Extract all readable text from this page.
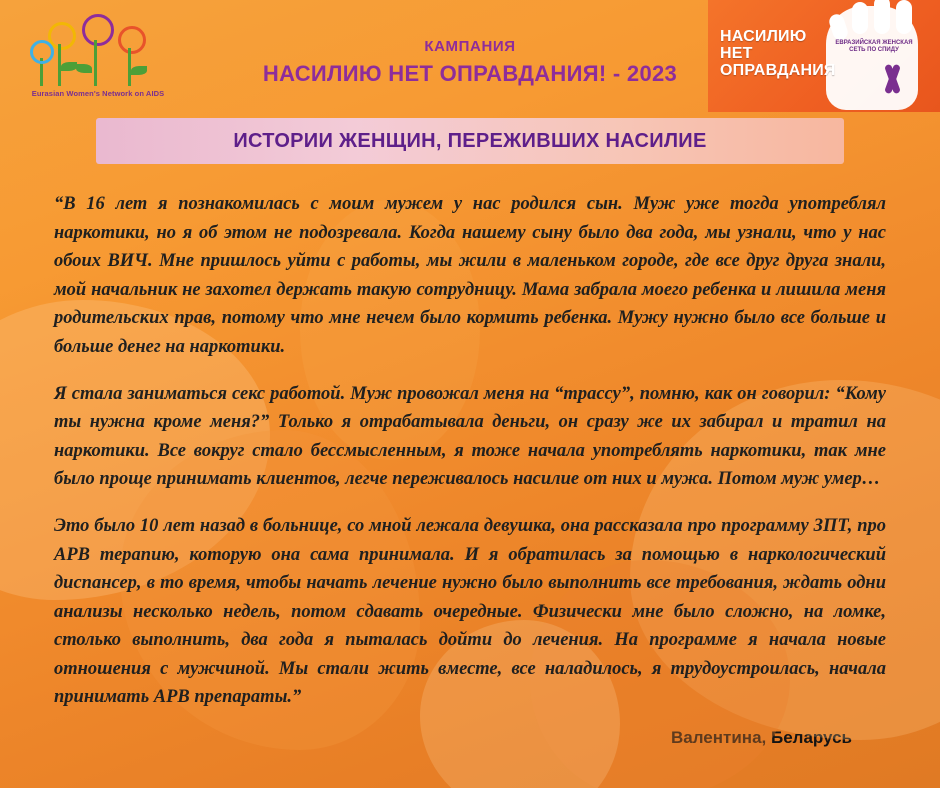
Eurasian Women's Network on AIDS
КАМПАНИЯ
НАСИЛИЮ НЕТ ОПРАВДАНИЯ! - 2023
ЕВРАЗИЙСКАЯ ЖЕНСКАЯ СЕТЬ ПО СПИДУ
НАСИЛИЮ
НЕТ
ОПРАВДАНИЯ
ИСТОРИИ ЖЕНЩИН, ПЕРЕЖИВШИХ НАСИЛИЕ

“В 16 лет я познакомилась с моим мужем у нас родился сын. Муж уже тогда употреблял наркотики, но я об этом не подозревала. Когда нашему сыну было два года, мы узнали, что у нас обоих ВИЧ. Мне пришлось уйти с работы, мы жили в маленьком городе, где все друг друга знали, мой начальник не захотел держать такую сотрудницу. Мама забрала моего ребенка и лишила меня родительских прав, потому что мне нечем было кормить ребенка. Мужу нужно было все больше и больше денег на наркотики.

Я стала заниматься секс работой. Муж провожал меня на “трассу”, помню, как он говорил: “Кому ты нужна кроме меня?” Только я отрабатывала деньги, он сразу же их забирал и тратил на наркотики. Все вокруг стало бессмысленным, я тоже начала употреблять наркотики, так мне было проще принимать клиентов, легче переживалось насилие от них и мужа. Потом муж умер…

Это было 10 лет назад в больнице, со мной лежала девушка, она рассказала про программу ЗПТ, про АРВ терапию, которую она сама принимала. И я обратилась за помощью в наркологический диспансер, в то время, чтобы начать лечение нужно было выполнить все требования, ждать одни анализы несколько недель, потом сдавать очередные. Физически мне было сложно, на ломке, столько выполнить, два года я пыталась дойти до лечения. На программе я начала новые отношения с мужчиной. Мы стали жить вместе, все наладилось, я трудоустроилась, начала принимать АРВ препараты.”

Валентина, Беларусь
